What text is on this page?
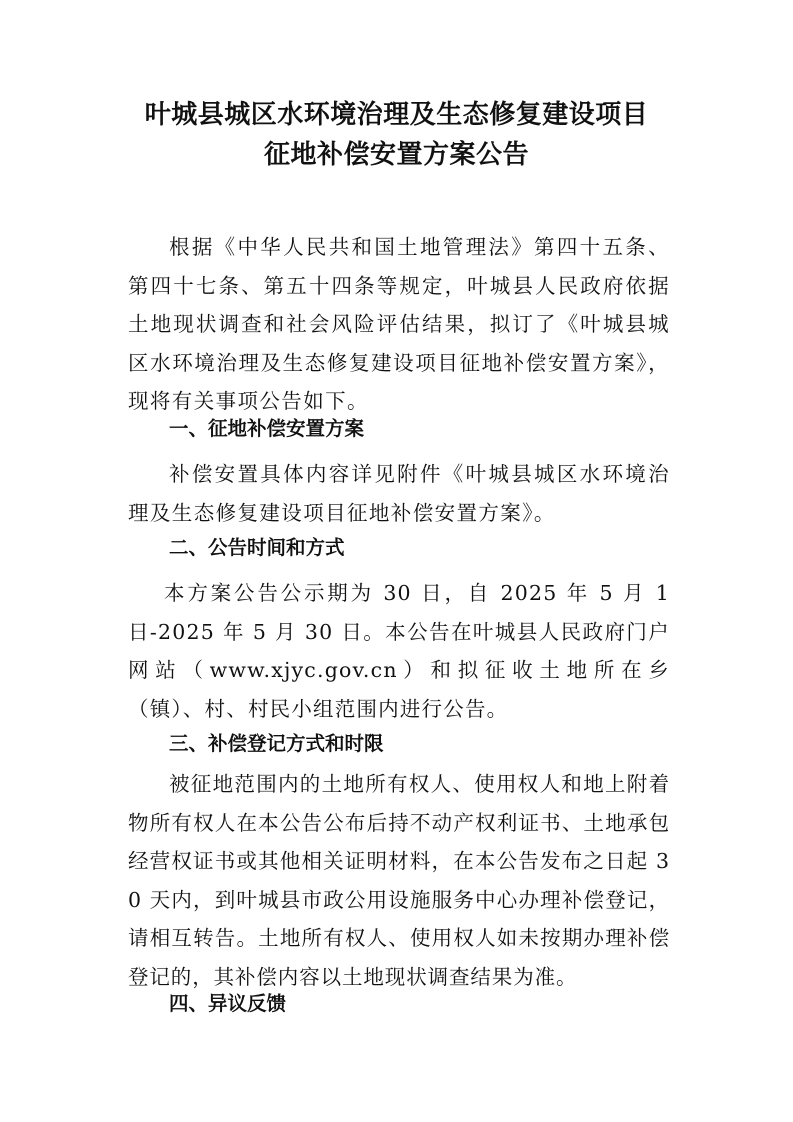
叶城县城区水环境治理及生态修复建设项目
征地补偿安置方案公告

根据《中华人民共和国土地管理法》第四十五条、第四十七条、第五十四条等规定，叶城县人民政府依据土地现状调查和社会风险评估结果，拟订了《叶城县城区水环境治理及生态修复建设项目征地补偿安置方案》，现将有关事项公告如下。

一、征地补偿安置方案

补偿安置具体内容详见附件《叶城县城区水环境治理及生态修复建设项目征地补偿安置方案》。

二、公告时间和方式

本方案公告公示期为 30 日，自 2025 年 5 月 1 日-2025 年 5 月 30 日。本公告在叶城县人民政府门户网站（www.xjyc.gov.cn）和拟征收土地所在乡（镇）、村、村民小组范围内进行公告。

三、补偿登记方式和时限

被征地范围内的土地所有权人、使用权人和地上附着物所有权人在本公告公布后持不动产权利证书、土地承包经营权证书或其他相关证明材料，在本公告发布之日起 30 天内，到叶城县市政公用设施服务中心办理补偿登记，请相互转告。土地所有权人、使用权人如未按期办理补偿登记的，其补偿内容以土地现状调查结果为准。

四、异议反馈
